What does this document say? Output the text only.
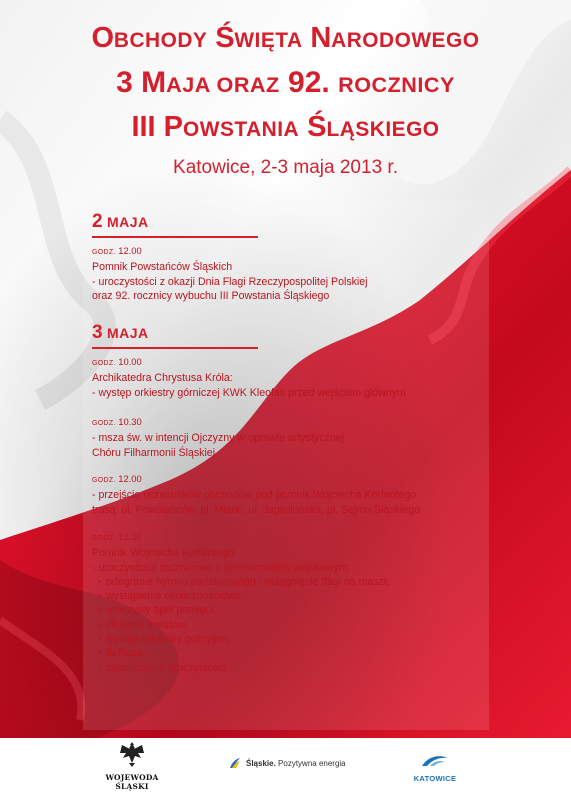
OBCHODY ŚWIĘTA NARODOWEGO
3 MAJA ORAZ 92. ROCZNICY
III POWSTANIA ŚLĄSKIEGO
Katowice, 2-3 maja 2013 r.
2 MAJA
GODZ. 12.00
Pomnik Powstańców Śląskich
- uroczystości z okazji Dnia Flagi Rzeczypospolitej Polskiej
oraz 92. rocznicy wybuchu III Powstania Śląskiego
3 MAJA
GODZ. 10.00
Archikatedra Chrystusa Króla:
- występ orkiestry górniczej KWK Kleofas przed wejściem głównym
GODZ. 10.30
- msza św. w intencji Ojczyzny w oprawie artystycznej
Chóru Filharmonii Śląskiej
GODZ. 12.00
- przejście uczestników obchodów pod pomnik Wojciecha Korfantego
trasą: ul. Powstańców, pl. Miarki, ul. Jagiellońska, pl. Sejmu Śląskiego
GODZ. 12.30
Pomnik Wojciecha Korfantego:
- uroczystości rocznicowe z ceremoniałem wojskowym:
• odegranie hymnu państwowego i wciągnięcie flagi na maszt,
• wystąpienia okolicznościowe,
• uroczysty apel pamięci,
• złożenie kwiatów,
• występ orkiestry policyjnej,
• defilada,
• zakończenie uroczystości.
WOJEWODA ŚLĄSKI
Śląskie. Pozytywna energia
KATOWICE
